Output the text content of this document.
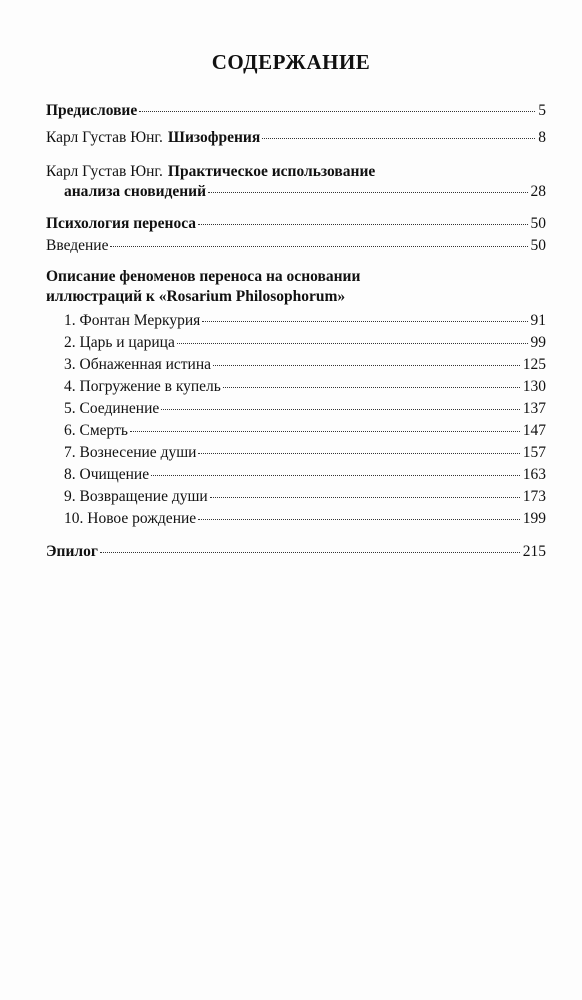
СОДЕРЖАНИЕ
Предисловие	5
Карл Густав Юнг. Шизофрения	8
Карл Густав Юнг. Практическое использование
анализа сновидений	28
Психология переноса	50
Введение	50
Описание феноменов переноса на основании
иллюстраций к «Rosarium Philosophorum»
1. Фонтан Меркурия	91
2. Царь и царица	99
3. Обнаженная истина	125
4. Погружение в купель	130
5. Соединение	137
6. Смерть	147
7. Вознесение души	157
8. Очищение	163
9. Возвращение души	173
10. Новое рождение	199
Эпилог	215
